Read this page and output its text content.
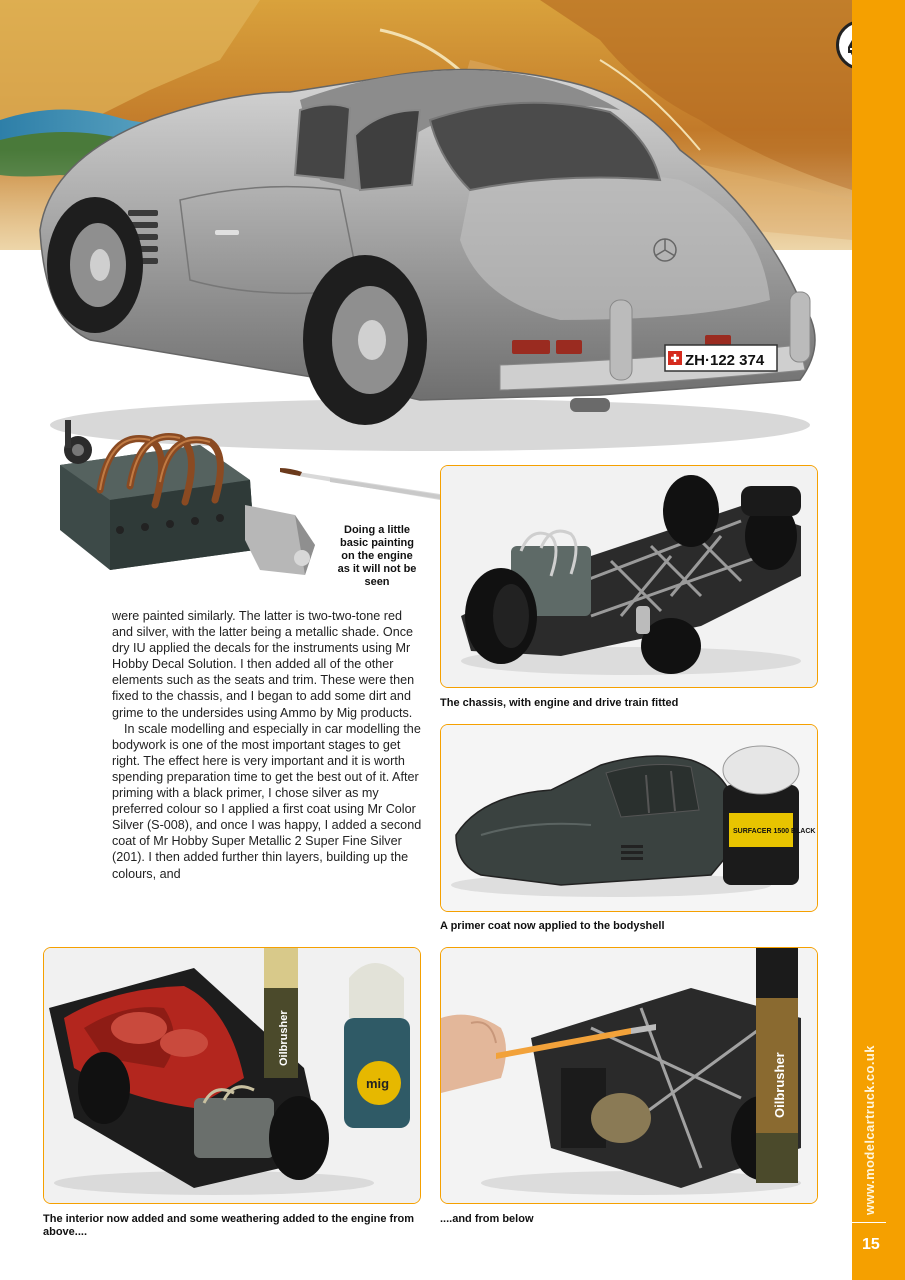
ZH·122 374
www.modelcartruck.co.uk
15
Doing a little basic painting on the engine as it will not be seen

were painted similarly. The latter is two-two-tone red and silver, with the latter being a metallic shade. Once dry IU applied the decals for the instruments using Mr Hobby Decal Solution. I then added all of the other elements such as the seats and trim. These were then fixed to the chassis, and I began to add some dirt and grime to the undersides using Ammo by Mig products.

In scale modelling and especially in car modelling the bodywork is one of the most important stages to get right. The effect here is very important and it is worth spending preparation time to get the best out of it. After priming with a black primer, I chose silver as my preferred colour so I applied a first coat using Mr Color Silver (S-008), and once I was happy, I added a second coat of Mr Hobby Super Metallic 2 Super Fine Silver (201). I then added further thin layers, building up the colours, and

The chassis, with engine and drive train fitted
SURFACER 1500 BLACK
A primer coat now applied to the bodyshell
Oilbrusher
mig
The interior now added and some weathering added to the engine from above....
Oilbrusher
....and from below
